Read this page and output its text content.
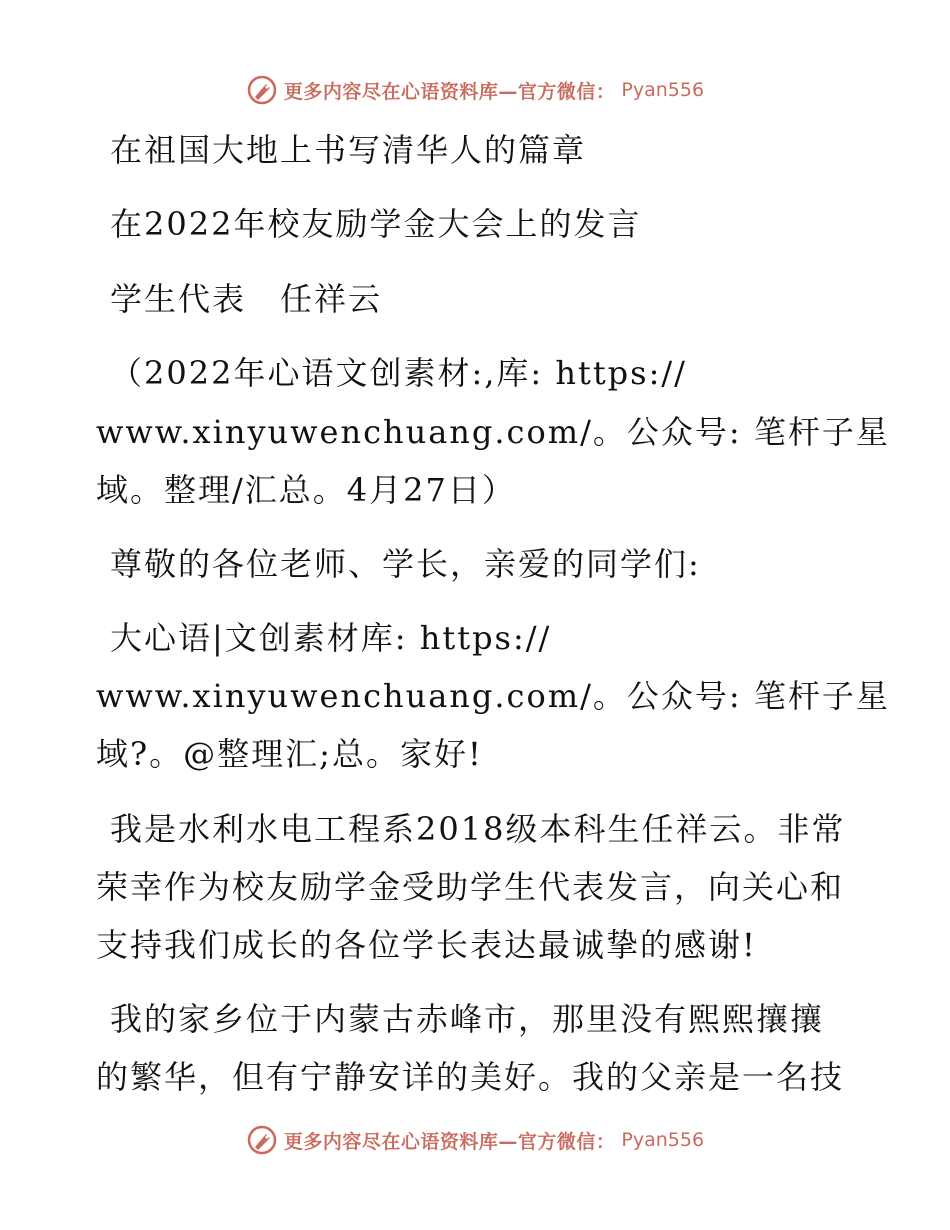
更多内容尽在心语资料库—官方微信： Pyan556
在祖国大地上书写清华人的篇章
在2022年校友励学金大会上的发言
学生代表　任祥云
（2022年心语文创素材:,库: https://
www.xinyuwenchuang.com/。公众号: 笔杆子星
域。整理/汇总。4月27日）
尊敬的各位老师、学长，亲爱的同学们:
大心语|文创素材库: https://
www.xinyuwenchuang.com/。公众号: 笔杆子星
域?。@整理汇;总。家好!
我是水利水电工程系2018级本科生任祥云。非常
荣幸作为校友励学金受助学生代表发言，向关心和
支持我们成长的各位学长表达最诚挚的感谢!
我的家乡位于内蒙古赤峰市，那里没有熙熙攘攘
的繁华，但有宁静安详的美好。我的父亲是一名技
更多内容尽在心语资料库—官方微信： Pyan556
